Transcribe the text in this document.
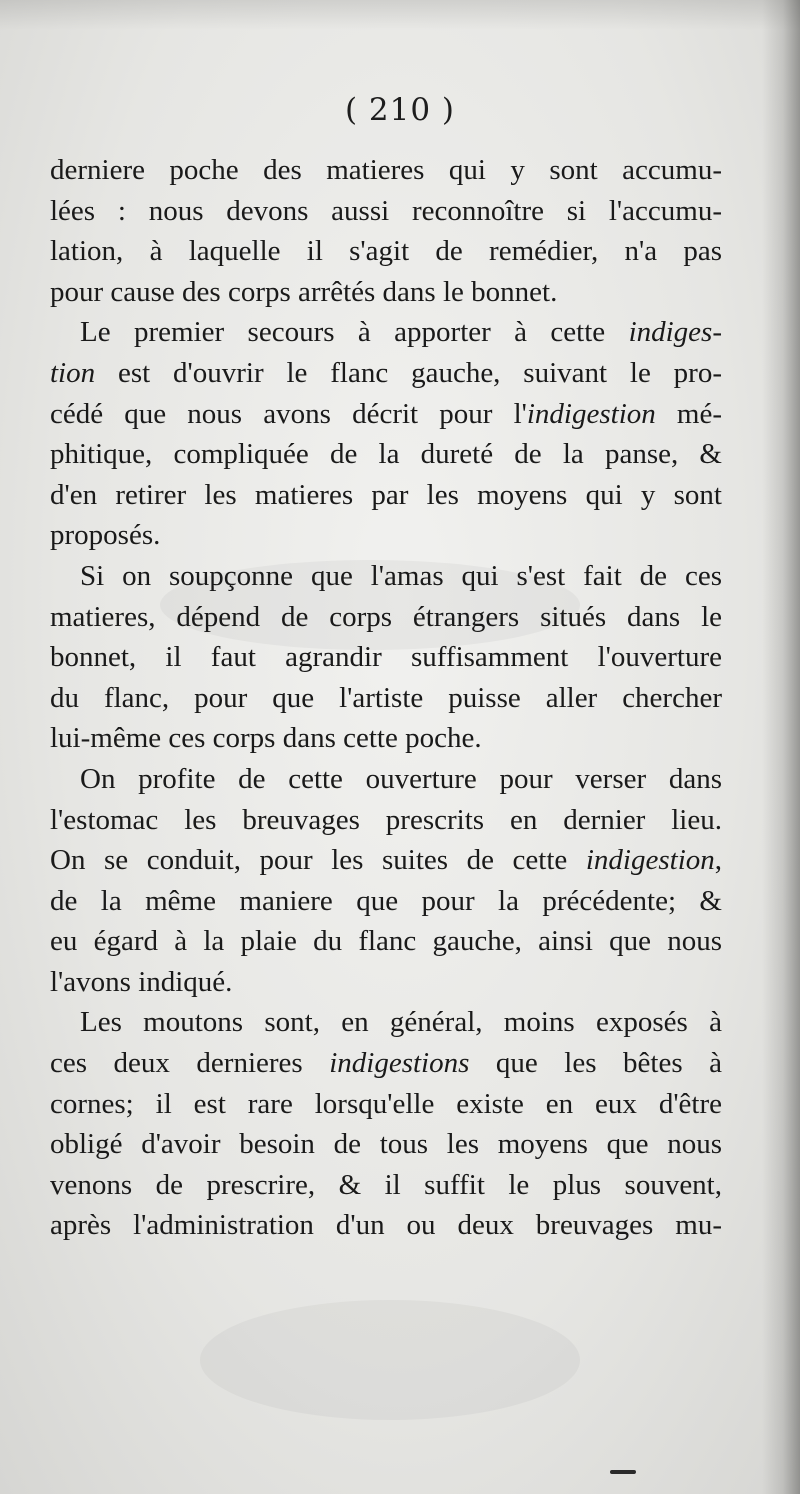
( 210 )
derniere poche des matieres qui y sont accumu-
lées : nous devons aussi reconnoître si l'accumu-
lation, à laquelle il s'agit de remédier, n'a pas
pour cause des corps arrêtés dans le bonnet.
Le premier secours à apporter à cette indiges-
tion est d'ouvrir le flanc gauche, suivant le pro-
cédé que nous avons décrit pour l'indigestion mé-
phitique, compliquée de la dureté de la panse, &
d'en retirer les matieres par les moyens qui y sont
proposés.
Si on soupçonne que l'amas qui s'est fait de ces
matieres, dépend de corps étrangers situés dans le
bonnet, il faut agrandir suffisamment l'ouverture
du flanc, pour que l'artiste puisse aller chercher
lui-même ces corps dans cette poche.
On profite de cette ouverture pour verser dans
l'estomac les breuvages prescrits en dernier lieu.
On se conduit, pour les suites de cette indigestion,
de la même maniere que pour la précédente; &
eu égard à la plaie du flanc gauche, ainsi que nous
l'avons indiqué.
Les moutons sont, en général, moins exposés à
ces deux dernieres indigestions que les bêtes à
cornes; il est rare lorsqu'elle existe en eux d'être
obligé d'avoir besoin de tous les moyens que nous
venons de prescrire, & il suffit le plus souvent,
après l'administration d'un ou deux breuvages mu-
